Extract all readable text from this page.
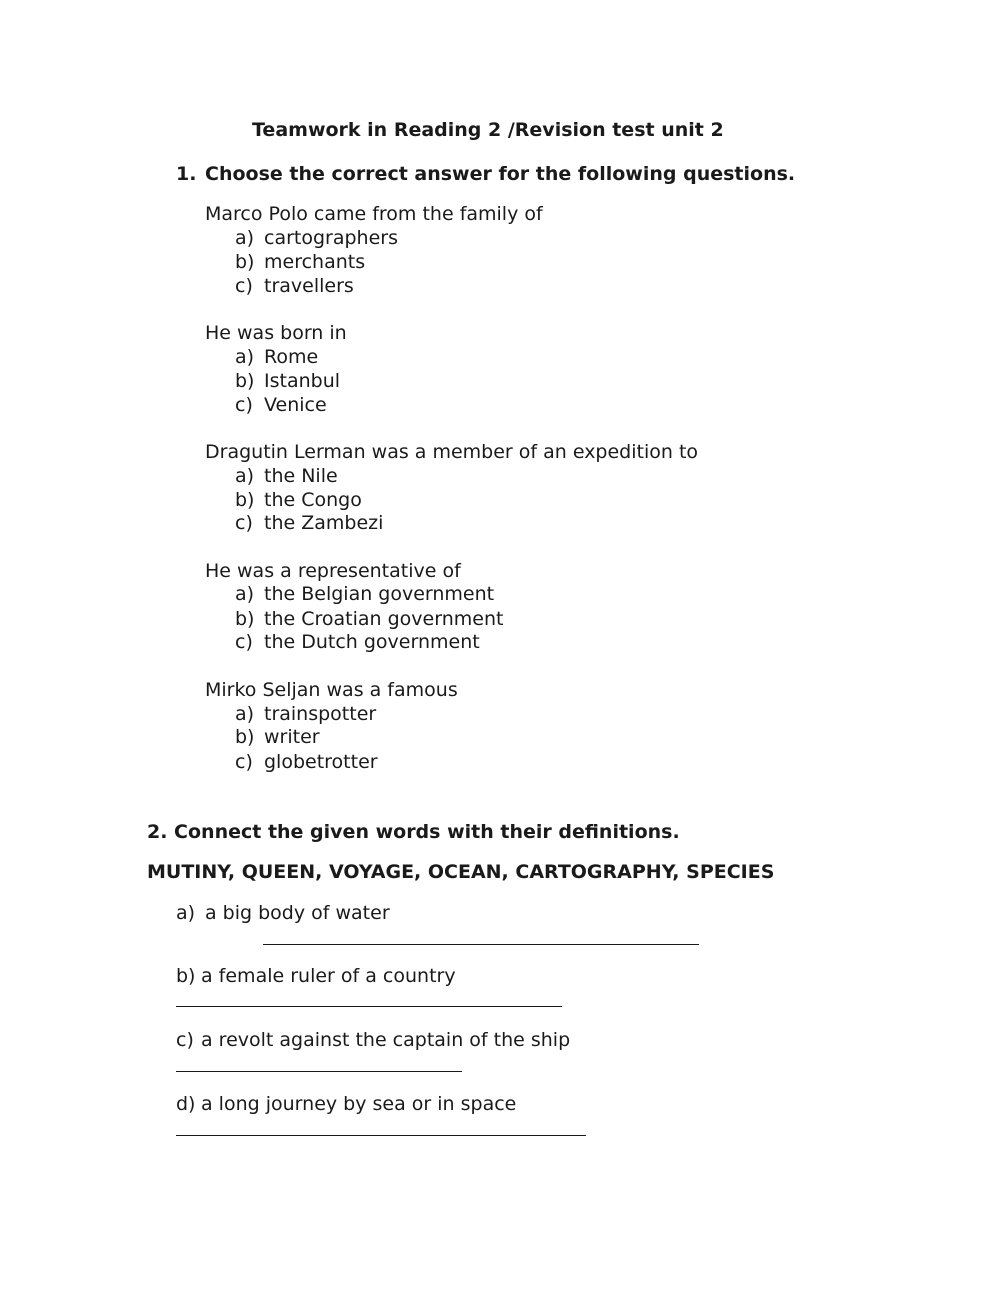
Teamwork in Reading 2 /Revision test unit 2
1. Choose the correct answer for the following questions.
Marco Polo came from the family of
a) cartographers
b) merchants
c) travellers
He was born in
a) Rome
b) Istanbul
c) Venice
Dragutin Lerman was a member of an expedition to
a) the Nile
b) the Congo
c) the Zambezi
He was a representative of
a) the Belgian government
b) the Croatian government
c) the Dutch government
Mirko Seljan was a famous
a) trainspotter
b) writer
c) globetrotter
2. Connect the given words with their definitions.
MUTINY, QUEEN, VOYAGE, OCEAN, CARTOGRAPHY, SPECIES
a) a big body of water
b) a female ruler of a country
c) a revolt against the captain of the ship
d) a long journey by sea or in space
